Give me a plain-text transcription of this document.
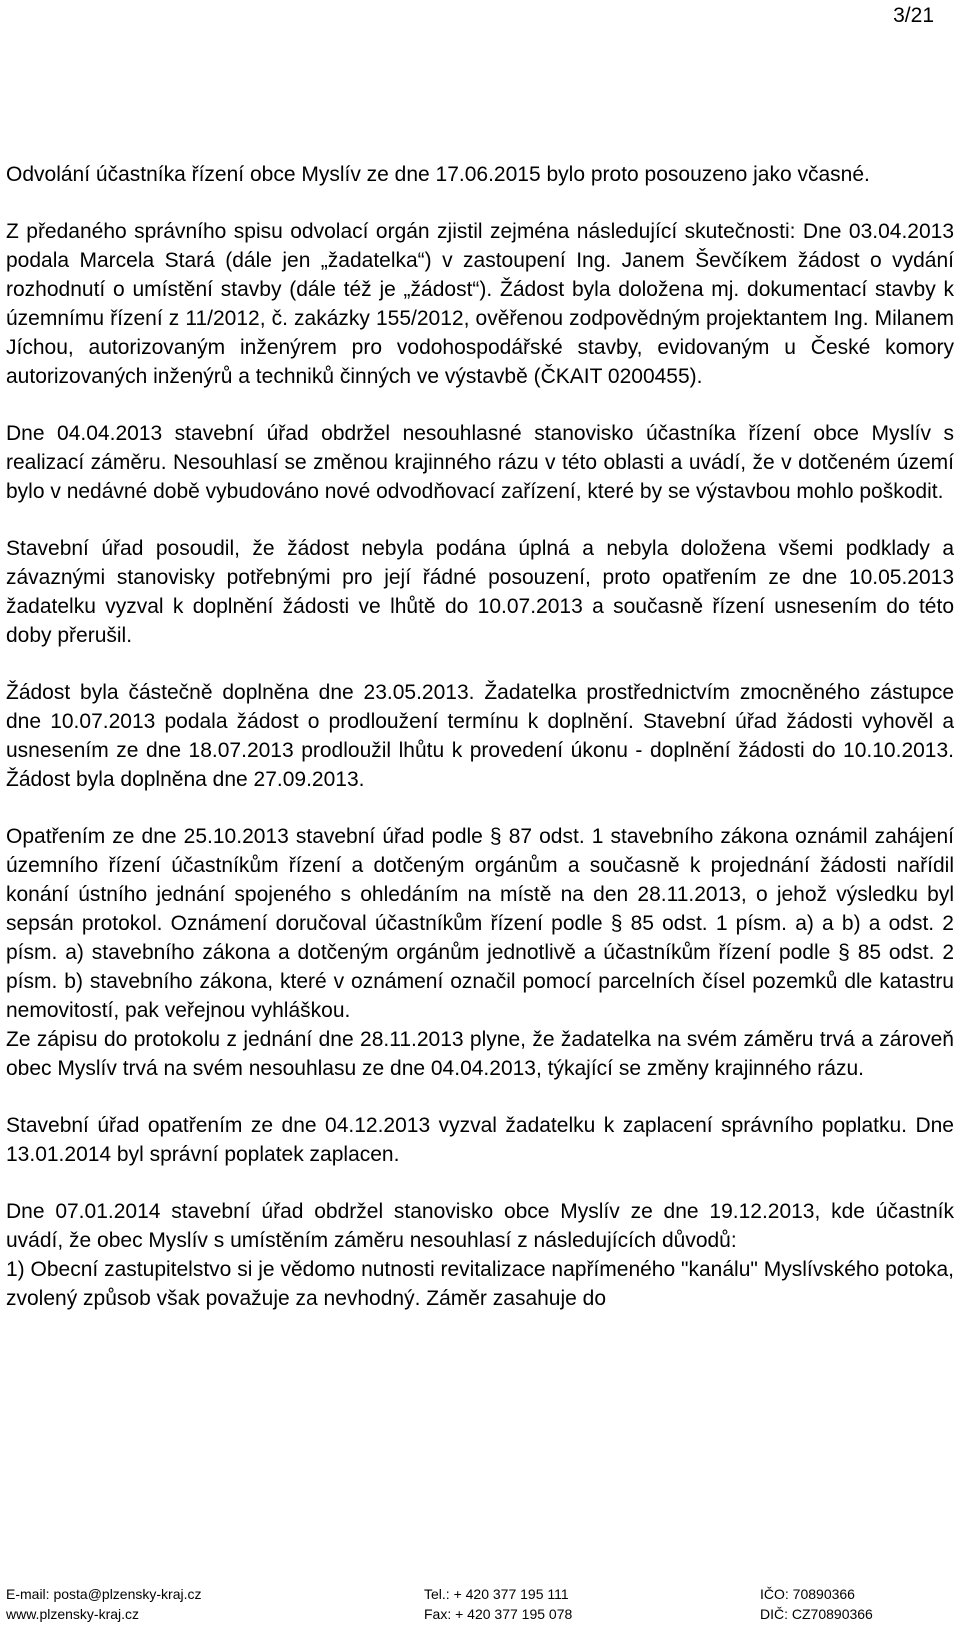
3/21

Odvolání účastníka řízení obce Myslív ze dne 17.06.2015 bylo proto posouzeno jako včasné.

Z předaného správního spisu odvolací orgán zjistil zejména následující skutečnosti: Dne 03.04.2013 podala Marcela Stará (dále jen „žadatelka“) v zastoupení Ing. Janem Ševčíkem žádost o vydání rozhodnutí o umístění stavby (dále též je „žádost“). Žádost byla doložena mj. dokumentací stavby k územnímu řízení z 11/2012, č. zakázky 155/2012, ověřenou zodpovědným projektantem Ing. Milanem Jíchou, autorizovaným inženýrem pro vodohospodářské stavby, evidovaným u České komory autorizovaných inženýrů a techniků činných ve výstavbě (ČKAIT 0200455).

Dne 04.04.2013 stavební úřad obdržel nesouhlasné stanovisko účastníka řízení obce Myslív s realizací záměru. Nesouhlasí se změnou krajinného rázu v této oblasti a uvádí, že v dotčeném území bylo v nedávné době vybudováno nové odvodňovací zařízení, které by se výstavbou mohlo poškodit.

Stavební úřad posoudil, že žádost nebyla podána úplná a nebyla doložena všemi podklady a závaznými stanovisky potřebnými pro její řádné posouzení, proto opatřením ze dne 10.05.2013 žadatelku vyzval k doplnění žádosti ve lhůtě do 10.07.2013 a současně řízení usnesením do této doby přerušil.

Žádost byla částečně doplněna dne 23.05.2013. Žadatelka prostřednictvím zmocněného zástupce dne 10.07.2013 podala žádost o prodloužení termínu k doplnění. Stavební úřad žádosti vyhověl a usnesením ze dne 18.07.2013 prodloužil lhůtu k provedení úkonu - doplnění žádosti do 10.10.2013. Žádost byla doplněna dne 27.09.2013.

Opatřením ze dne 25.10.2013 stavební úřad podle § 87 odst. 1 stavebního zákona oznámil zahájení územního řízení účastníkům řízení a dotčeným orgánům a současně k projednání žádosti nařídil konání ústního jednání spojeného s ohledáním na místě na den 28.11.2013, o jehož výsledku byl sepsán protokol. Oznámení doručoval účastníkům řízení podle § 85 odst. 1 písm. a) a b) a odst. 2 písm. a) stavebního zákona a dotčeným orgánům jednotlivě a účastníkům řízení podle § 85 odst. 2 písm. b) stavebního zákona, které v oznámení označil pomocí parcelních čísel pozemků dle katastru nemovitostí, pak veřejnou vyhláškou.

Ze zápisu do protokolu z jednání dne 28.11.2013 plyne, že žadatelka na svém záměru trvá a zároveň obec Myslív trvá na svém nesouhlasu ze dne 04.04.2013, týkající se změny krajinného rázu.

Stavební úřad opatřením ze dne 04.12.2013 vyzval žadatelku k zaplacení správního poplatku. Dne 13.01.2014 byl správní poplatek zaplacen.

Dne 07.01.2014 stavební úřad obdržel stanovisko obce Myslív ze dne 19.12.2013, kde účastník uvádí, že obec Myslív s umístěním záměru nesouhlasí z následujících důvodů:

1) Obecní zastupitelstvo si je vědomo nutnosti revitalizace napřímeného "kanálu" Myslívského potoka, zvolený způsob však považuje za nevhodný. Záměr zasahuje do

E-mail: posta@plzensky-kraj.cz
www.plzensky-kraj.cz
Tel.: + 420 377 195 111
Fax: + 420 377 195 078
IČO: 70890366
DIČ: CZ70890366
